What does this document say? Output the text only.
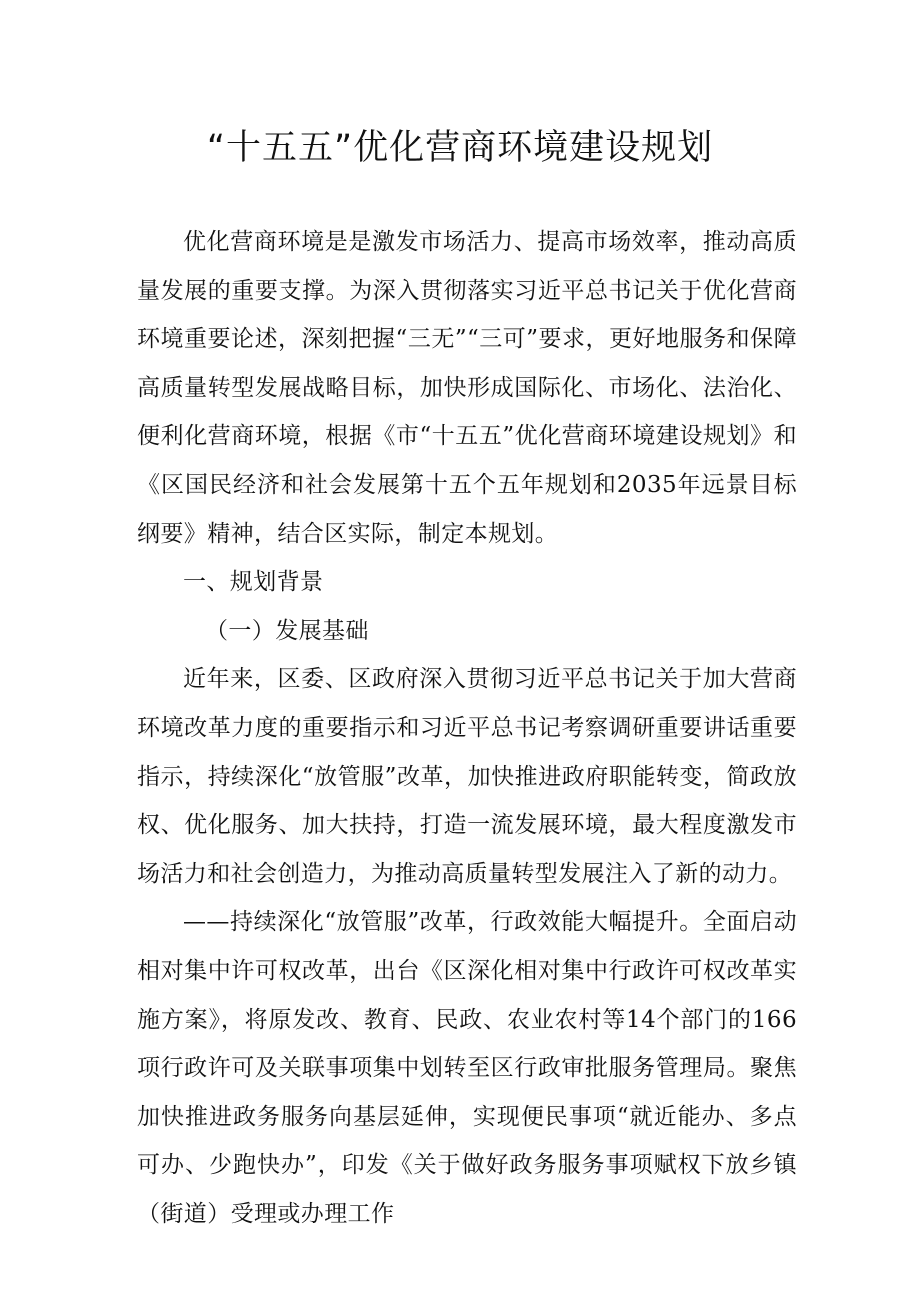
“十五五”优化营商环境建设规划

优化营商环境是是激发市场活力、提高市场效率，推动高质量发展的重要支撑。为深入贯彻落实习近平总书记关于优化营商环境重要论述，深刻把握“三无”“三可”要求，更好地服务和保障高质量转型发展战略目标，加快形成国际化、市场化、法治化、便利化营商环境，根据《市“十五五”优化营商环境建设规划》和《区国民经济和社会发展第十五个五年规划和2035年远景目标纲要》精神，结合区实际，制定本规划。

一、规划背景

（一）发展基础

近年来，区委、区政府深入贯彻习近平总书记关于加大营商环境改革力度的重要指示和习近平总书记考察调研重要讲话重要指示，持续深化“放管服”改革，加快推进政府职能转变，简政放权、优化服务、加大扶持，打造一流发展环境，最大程度激发市场活力和社会创造力，为推动高质量转型发展注入了新的动力。

——持续深化“放管服”改革，行政效能大幅提升。全面启动相对集中许可权改革，出台《区深化相对集中行政许可权改革实施方案》，将原发改、教育、民政、农业农村等14个部门的166项行政许可及关联事项集中划转至区行政审批服务管理局。聚焦加快推进政务服务向基层延伸，实现便民事项“就近能办、多点可办、少跑快办”，印发《关于做好政务服务事项赋权下放乡镇（街道）受理或办理工作
